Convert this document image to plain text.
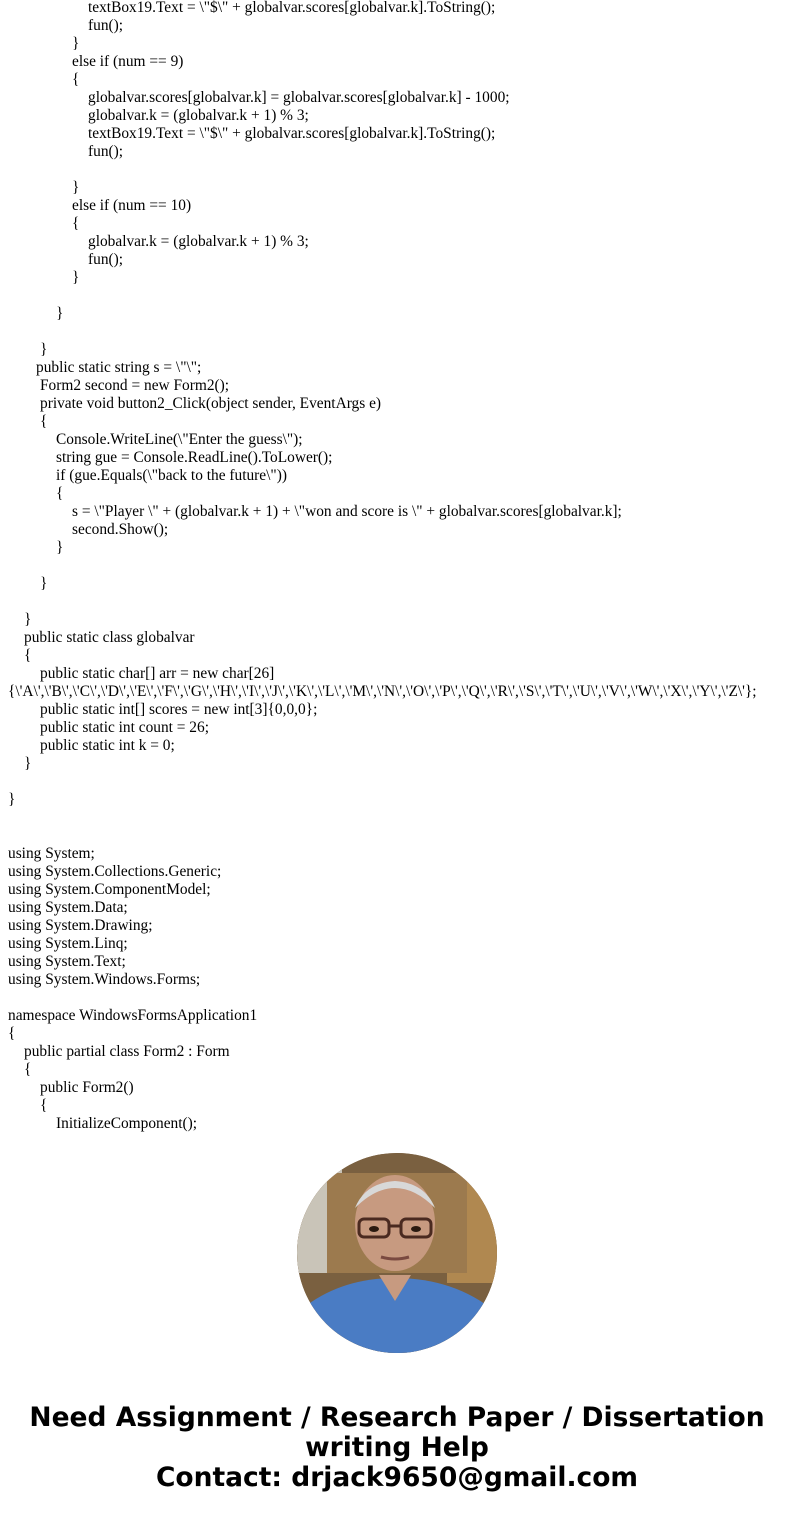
textBox19.Text = \"$\" + globalvar.scores[globalvar.k].ToString();
fun();
}
else if (num == 9)
{
globalvar.scores[globalvar.k] = globalvar.scores[globalvar.k] - 1000;
globalvar.k = (globalvar.k + 1) % 3;
textBox19.Text = \"$\" + globalvar.scores[globalvar.k].ToString();
fun();
}
else if (num == 10)
{
globalvar.k = (globalvar.k + 1) % 3;
fun();
}
}
}
public static string s = \"\";
Form2 second = new Form2();
private void button2_Click(object sender, EventArgs e)
{
Console.WriteLine(\"Enter the guess\");
string gue = Console.ReadLine().ToLower();
if (gue.Equals(\"back to the future\"))
{
s = \"Player \" + (globalvar.k + 1) + \"won and score is \" + globalvar.scores[globalvar.k];
second.Show();
}
}
}
public static class globalvar
{
public static char[] arr = new char[26]
{\'A\',\'B\',\'C\',\'D\',\'E\',\'F\',\'G\',\'H\',\'I\',\'J\',\'K\',\'L\',\'M\',\'N\',\'O\',\'P\',\'Q\',\'R\',\'S\',\'T\',\'U\',\'V\',\'W\',\'X\',\'Y\',\'Z\'};
public static int[] scores = new int[3]{0,0,0};
public static int count = 26;
public static int k = 0;
}
}
using System;
using System.Collections.Generic;
using System.ComponentModel;
using System.Data;
using System.Drawing;
using System.Linq;
using System.Text;
using System.Windows.Forms;
namespace WindowsFormsApplication1
{
public partial class Form2 : Form
{
public Form2()
{
InitializeComponent();
Need Assignment / Research Paper / Dissertation
writing Help
Contact: drjack9650@gmail.com
